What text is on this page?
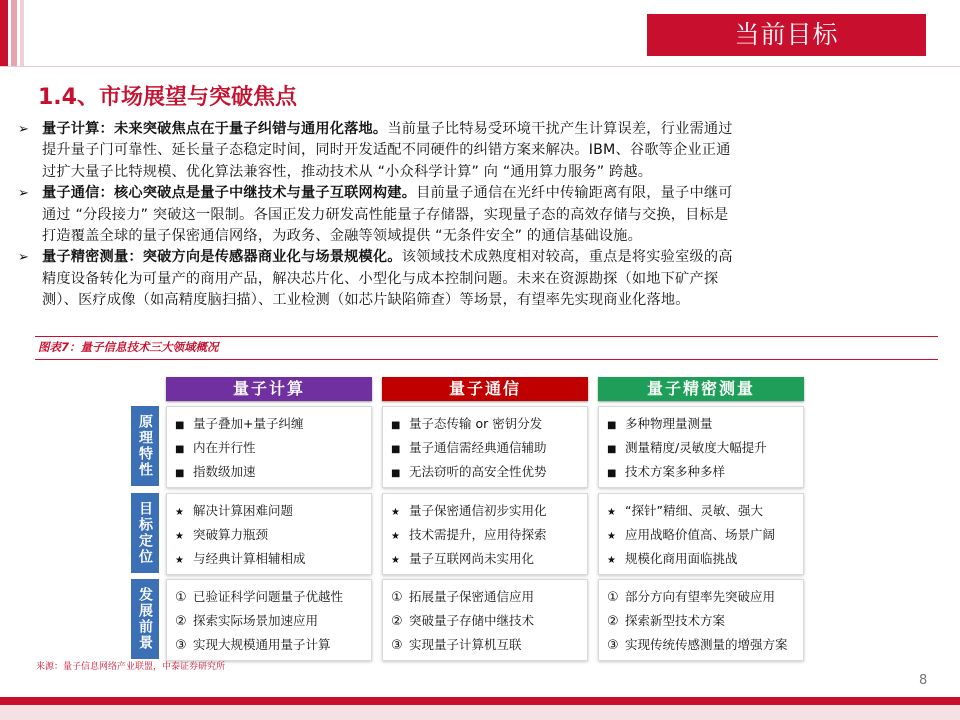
当前目标
1.4、市场展望与突破焦点
➢ 量子计算：未来突破焦点在于量子纠错与通用化落地。当前量子比特易受环境干扰产生计算误差，行业需通过
提升量子门可靠性、延长量子态稳定时间，同时开发适配不同硬件的纠错方案来解决。IBM、谷歌等企业正通
过扩大量子比特规模、优化算法兼容性，推动技术从 “小众科学计算” 向 “通用算力服务” 跨越。
➢ 量子通信：核心突破点是量子中继技术与量子互联网构建。目前量子通信在光纤中传输距离有限，量子中继可
通过 “分段接力” 突破这一限制。各国正发力研发高性能量子存储器，实现量子态的高效存储与交换，目标是
打造覆盖全球的量子保密通信网络，为政务、金融等领域提供 “无条件安全” 的通信基础设施。
➢ 量子精密测量：突破方向是传感器商业化与场景规模化。该领域技术成熟度相对较高，重点是将实验室级的高
精度设备转化为可量产的商用产品，解决芯片化、小型化与成本控制问题。未来在资源勘探（如地下矿产探
测）、医疗成像（如高精度脑扫描）、工业检测（如芯片缺陷筛查）等场景，有望率先实现商业化落地。
图表7：量子信息技术三大领域概况
量子计算	量子通信	量子精密测量
原理特性 ■ 量子叠加+量子纠缠
■ 内在并行性
■ 指数级加速
■ 量子态传输 or 密钥分发
■ 量子通信需经典通信辅助
■ 无法窃听的高安全性优势
■ 多种物理量测量
■ 测量精度/灵敏度大幅提升
■ 技术方案多种多样
目标定位 ★ 解决计算困难问题
★ 突破算力瓶颈
★ 与经典计算相辅相成
★ 量子保密通信初步实用化
★ 技术需提升，应用待探索
★ 量子互联网尚未实用化
★ “探针”精细、灵敏、强大
★ 应用战略价值高、场景广阔
★ 规模化商用面临挑战
发展前景 ① 已验证科学问题量子优越性
② 探索实际场景加速应用
③ 实现大规模通用量子计算
① 拓展量子保密通信应用
② 突破量子存储中继技术
③ 实现量子计算机互联
① 部分方向有望率先突破应用
② 探索新型技术方案
③ 实现传统传感测量的增强方案
来源：量子信息网络产业联盟，中泰证券研究所
8
